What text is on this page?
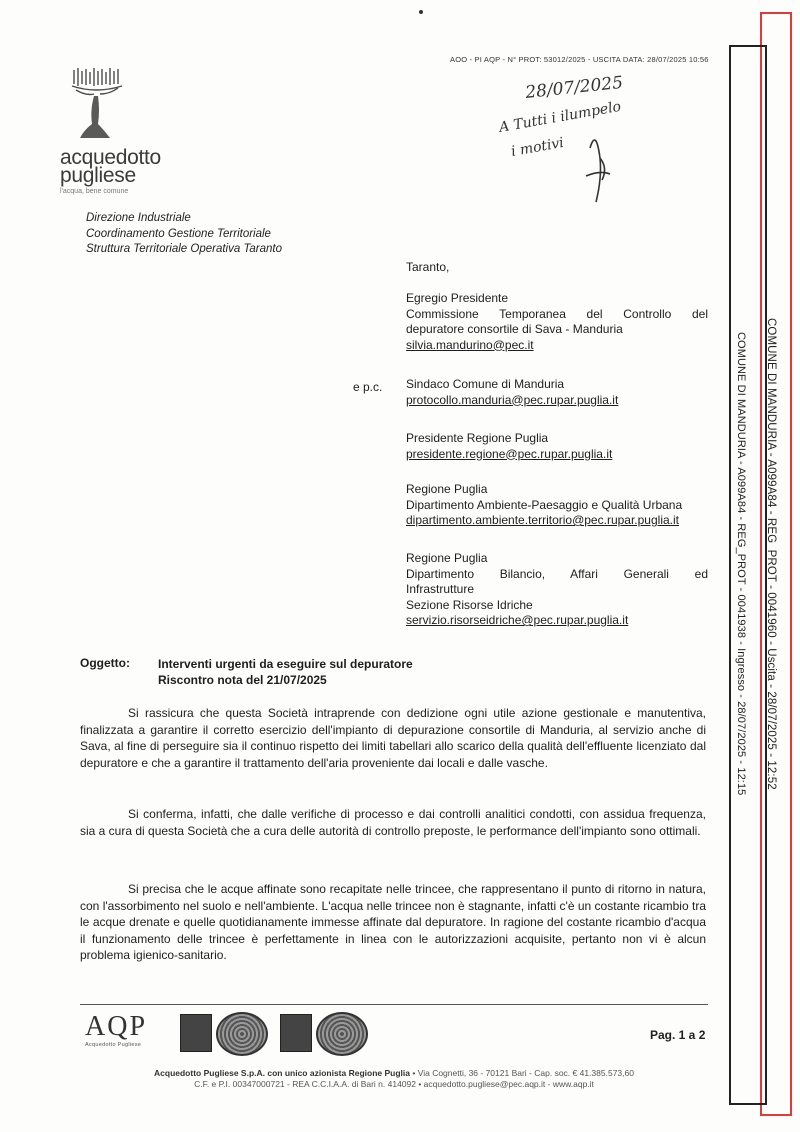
AOO - PI AQP - N° PROT: 53012/2025 - USCITA DATA: 28/07/2025 10:56
acquedotto
pugliese
l'acqua, bene comune
28/07/2025
A Tutti i ilumpelo
i motivi
Direzione Industriale
Coordinamento Gestione Territoriale
Struttura Territoriale Operativa Taranto
e p.c.
Taranto,

Egregio Presidente

Commissione Temporanea del Controllo del

depuratore consortile di Sava - Manduria

silvia.mandurino@pec.it

Sindaco Comune di Manduria

protocollo.manduria@pec.rupar.puglia.it

Presidente Regione Puglia

presidente.regione@pec.rupar.puglia.it

Regione Puglia

Dipartimento Ambiente-Paesaggio e Qualità Urbana

dipartimento.ambiente.territorio@pec.rupar.puglia.it

Regione Puglia

Dipartimento Bilancio, Affari Generali ed

Infrastrutture

Sezione Risorse Idriche

servizio.risorseidriche@pec.rupar.puglia.it

Oggetto: Interventi urgenti da eseguire sul depuratore
Riscontro nota del 21/07/2025

Si rassicura che questa Società intraprende con dedizione ogni utile azione gestionale e manutentiva, finalizzata a garantire il corretto esercizio dell'impianto di depurazione consortile di Manduria, al servizio anche di Sava, al fine di perseguire sia il continuo rispetto dei limiti tabellari allo scarico della qualità dell'effluente licenziato dal depuratore e che a garantire il trattamento dell'aria proveniente dai locali e dalle vasche.

Si conferma, infatti, che dalle verifiche di processo e dai controlli analitici condotti, con assidua frequenza, sia a cura di questa Società che a cura delle autorità di controllo preposte, le performance dell'impianto sono ottimali.

Si precisa che le acque affinate sono recapitate nelle trincee, che rappresentano il punto di ritorno in natura, con l'assorbimento nel suolo e nell'ambiente. L'acqua nelle trincee non è stagnante, infatti c'è un costante ricambio tra le acque drenate e quelle quotidianamente immesse affinate dal depuratore. In ragione del costante ricambio d'acqua il funzionamento delle trincee è perfettamente in linea con le autorizzazioni acquisite, pertanto non vi è alcun problema igienico-sanitario.

COMUNE DI MANDURIA - A099A84 - REG_PROT - 0041960 - Uscita - 28/07/2025 - 12:52
COMUNE DI MANDURIA - A099A84 - REG_PROT - 0041938 - Ingresso - 28/07/2025 - 12:15
AQP
Acquedotto Pugliese
Pag. 1 a 2
Acquedotto Pugliese S.p.A. con unico azionista Regione Puglia • Via Cognetti, 36 - 70121 Bari - Cap. soc. € 41.385.573,60
C.F. e P.I. 00347000721 - REA C.C.I.A.A. di Bari n. 414092 • acquedotto.pugliese@pec.aqp.it - www.aqp.it
